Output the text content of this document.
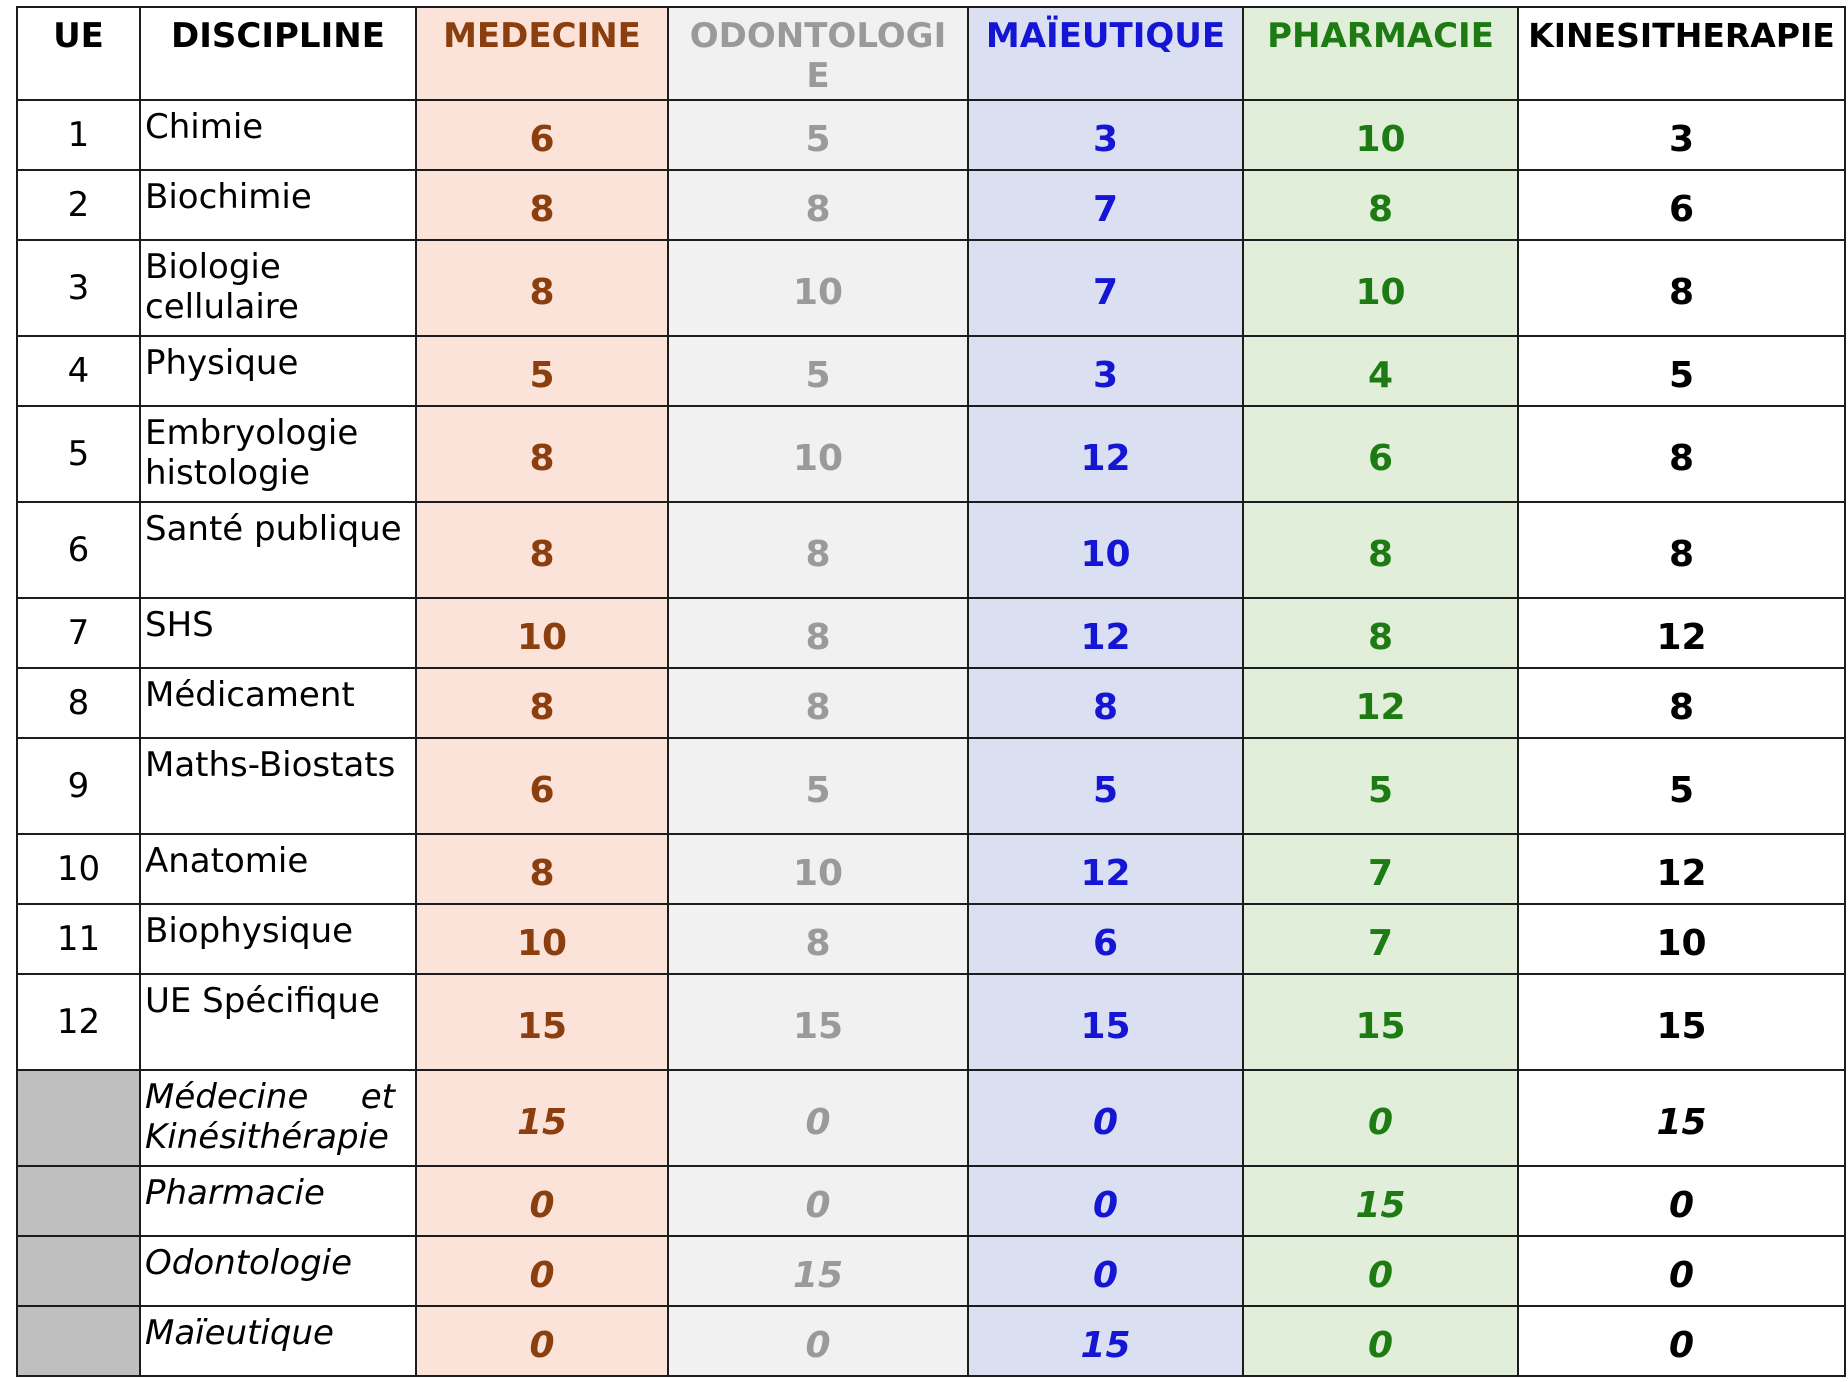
UE	DISCIPLINE	MEDECINE	ODONTOLOGIE	MAÏEUTIQUE	PHARMACIE	KINESITHERAPIE
1	Chimie	6	5	3	10	3
2	Biochimie	8	8	7	8	6
3	Biologie cellulaire	8	10	7	10	8
4	Physique	5	5	3	4	5
5	Embryologie histologie	8	10	12	6	8
6	Santé publique	8	8	10	8	8
7	SHS	10	8	12	8	12
8	Médicament	8	8	8	12	8
9	Maths-Biostats	6	5	5	5	5
10	Anatomie	8	10	12	7	12
11	Biophysique	10	8	6	7	10
12	UE Spécifique	15	15	15	15	15
	Médecine et Kinésithérapie	15	0	0	0	15
	Pharmacie	0	0	0	15	0
	Odontologie	0	15	0	0	0
	Maïeutique	0	0	15	0	0
